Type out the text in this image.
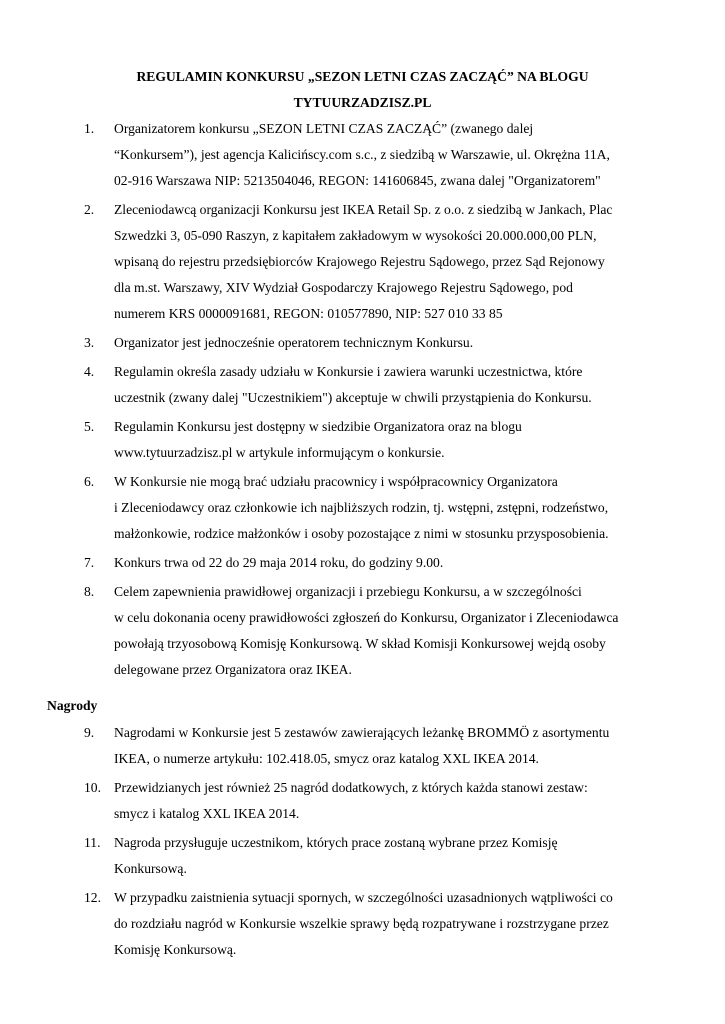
REGULAMIN KONKURSU „SEZON LETNI CZAS ZACZĄĆ” NA BLOGU
TYTUURZADZISZ.PL
1. Organizatorem konkursu „SEZON LETNI CZAS ZACZĄĆ” (zwanego dalej
“Konkursem”), jest agencja Kalicińscy.com s.c., z siedzibą w Warszawie, ul. Okrężna 11A,
02-916 Warszawa NIP: 5213504046, REGON: 141606845, zwana dalej "Organizatorem"
2. Zleceniodawcą organizacji Konkursu jest IKEA Retail Sp. z o.o. z siedzibą w Jankach, Plac
Szwedzki 3, 05-090 Raszyn, z kapitałem zakładowym w wysokości 20.000.000,00 PLN,
wpisaną do rejestru przedsiębiorców Krajowego Rejestru Sądowego, przez Sąd Rejonowy
dla m.st. Warszawy, XIV Wydział Gospodarczy Krajowego Rejestru Sądowego, pod
numerem KRS 0000091681, REGON: 010577890, NIP: 527 010 33 85
3. Organizator jest jednocześnie operatorem technicznym Konkursu.
4. Regulamin określa zasady udziału w Konkursie i zawiera warunki uczestnictwa, które
uczestnik (zwany dalej "Uczestnikiem") akceptuje w chwili przystąpienia do Konkursu.
5. Regulamin Konkursu jest dostępny w siedzibie Organizatora oraz na blogu
www.tytuurzadzisz.pl w artykule informującym o konkursie.
6. W Konkursie nie mogą brać udziału pracownicy i współpracownicy Organizatora
i Zleceniodawcy oraz członkowie ich najbliższych rodzin, tj. wstępni, zstępni, rodzeństwo,
małżonkowie, rodzice małżonków i osoby pozostające z nimi w stosunku przysposobienia.
7. Konkurs trwa od 22 do 29 maja 2014 roku, do godziny 9.00.
8. Celem zapewnienia prawidłowej organizacji i przebiegu Konkursu, a w szczególności
w celu dokonania oceny prawidłowości zgłoszeń do Konkursu, Organizator i Zleceniodawca
powołają trzyosobową Komisję Konkursową. W skład Komisji Konkursowej wejdą osoby
delegowane przez Organizatora oraz IKEA.
Nagrody
9. Nagrodami w Konkursie jest 5 zestawów zawierających leżankę BROMMÖ z asortymentu
IKEA, o numerze artykułu: 102.418.05, smycz oraz katalog XXL IKEA 2014.
10. Przewidzianych jest również 25 nagród dodatkowych, z których każda stanowi zestaw:
smycz i katalog XXL IKEA 2014.
11. Nagroda przysługuje uczestnikom, których prace zostaną wybrane przez Komisję
Konkursową.
12. W przypadku zaistnienia sytuacji spornych, w szczególności uzasadnionych wątpliwości co
do rozdziału nagród w Konkursie wszelkie sprawy będą rozpatrywane i rozstrzygane przez
Komisję Konkursową.
